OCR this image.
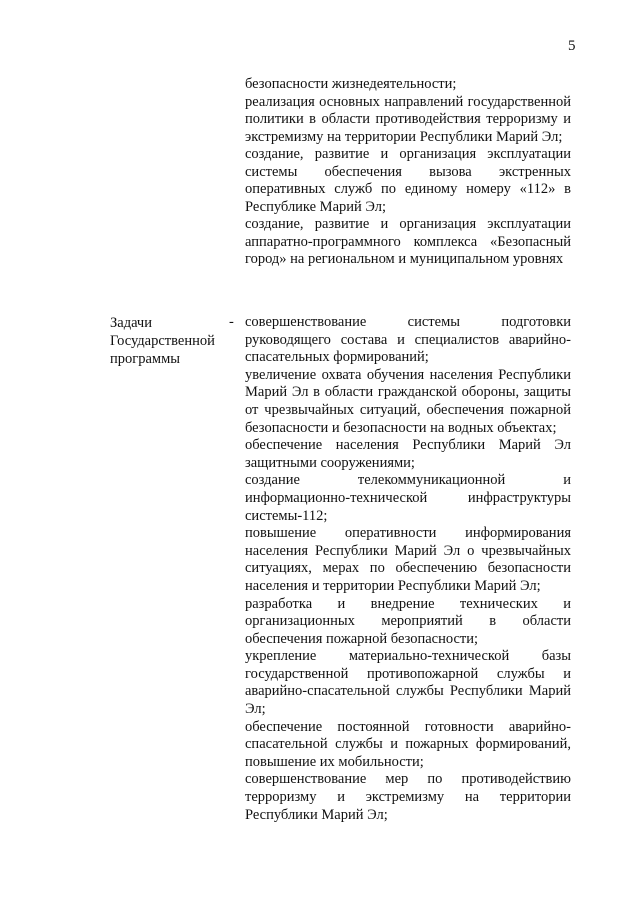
5
безопасности жизнедеятельности;
реализация основных направлений государственной политики в области противодействия терроризму и экстремизму на территории Республики Марий Эл;
создание, развитие и организация эксплуатации системы обеспечения вызова экстренных оперативных служб по единому номеру «112» в Республике Марий Эл;
создание, развитие и организация эксплуатации аппаратно-программного комплекса «Безопасный город» на региональном и муниципальном уровнях
Задачи
Государственной
программы
- совершенствование системы подготовки руководящего состава и специалистов аварийно-спасательных формирований;
увеличение охвата обучения населения Республики Марий Эл в области гражданской обороны, защиты от чрезвычайных ситуаций, обеспечения пожарной безопасности и безопасности на водных объектах;
обеспечение населения Республики Марий Эл защитными сооружениями;
создание телекоммуникационной и информационно-технической инфраструктуры системы-112;
повышение оперативности информирования населения Республики Марий Эл о чрезвычайных ситуациях, мерах по обеспечению безопасности населения и территории Республики Марий Эл;
разработка и внедрение технических и организационных мероприятий в области обеспечения пожарной безопасности;
укрепление материально-технической базы государственной противопожарной службы и аварийно-спасательной службы Республики Марий Эл;
обеспечение постоянной готовности аварийно-спасательной службы и пожарных формирований, повышение их мобильности;
совершенствование мер по противодействию терроризму и экстремизму на территории Республики Марий Эл;
